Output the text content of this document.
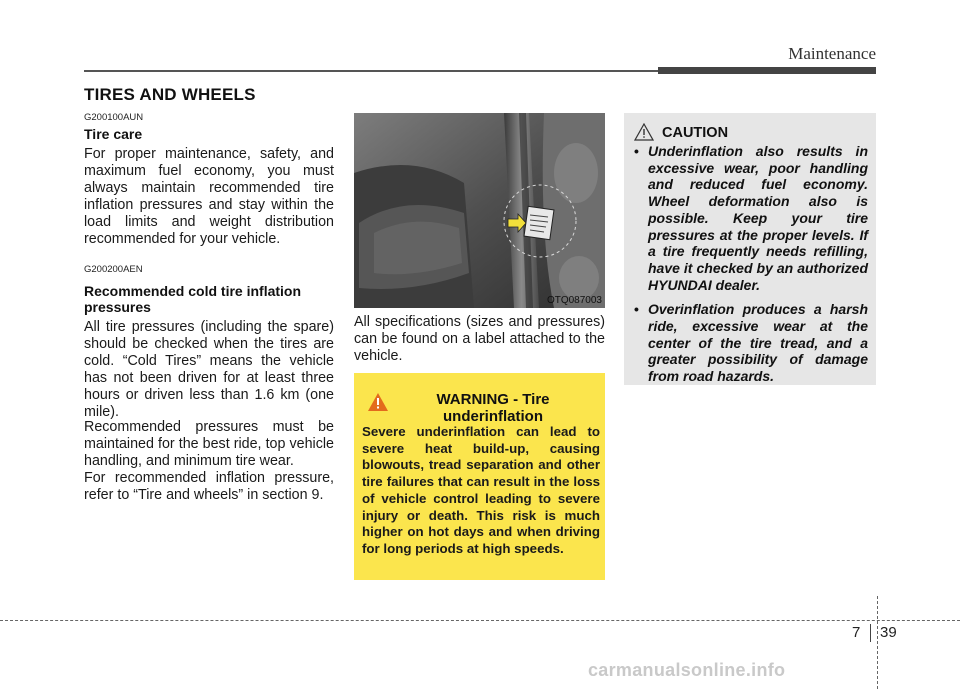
Maintenance
TIRES AND WHEELS
G200100AUN
Tire care
For proper maintenance, safety, and maximum fuel economy, you must always maintain recommended tire inflation pressures and stay within the load limits and weight distribution recommended for your vehicle.
G200200AEN
Recommended cold tire inflation pressures
All tire pressures (including the spare) should be checked when the tires are cold. “Cold Tires” means the vehicle has not been driven for at least three hours or driven less than 1.6 km (one mile).
Recommended pressures must be maintained for the best ride, top vehicle handling, and minimum tire wear.
For recommended inflation pressure, refer to “Tire and wheels” in section 9.
OTQ087003
All specifications (sizes and pressures) can be found on a label attached to the vehicle.
WARNING - Tire underinflation
Severe underinflation can lead to severe heat build-up, causing blowouts, tread separation and other tire failures that can result in the loss of vehicle control leading to severe injury or death. This risk is much higher on hot days and when driving for long periods at high speeds.
CAUTION
• Underinflation also results in excessive wear, poor handling and reduced fuel economy. Wheel deformation also is possible. Keep your tire pressures at the proper levels. If a tire frequently needs refilling, have it checked by an authorized HYUNDAI dealer.
• Overinflation produces a harsh ride, excessive wear at the center of the tire tread, and a greater possibility of damage from road hazards.
7 39
carmanualsonline.info
